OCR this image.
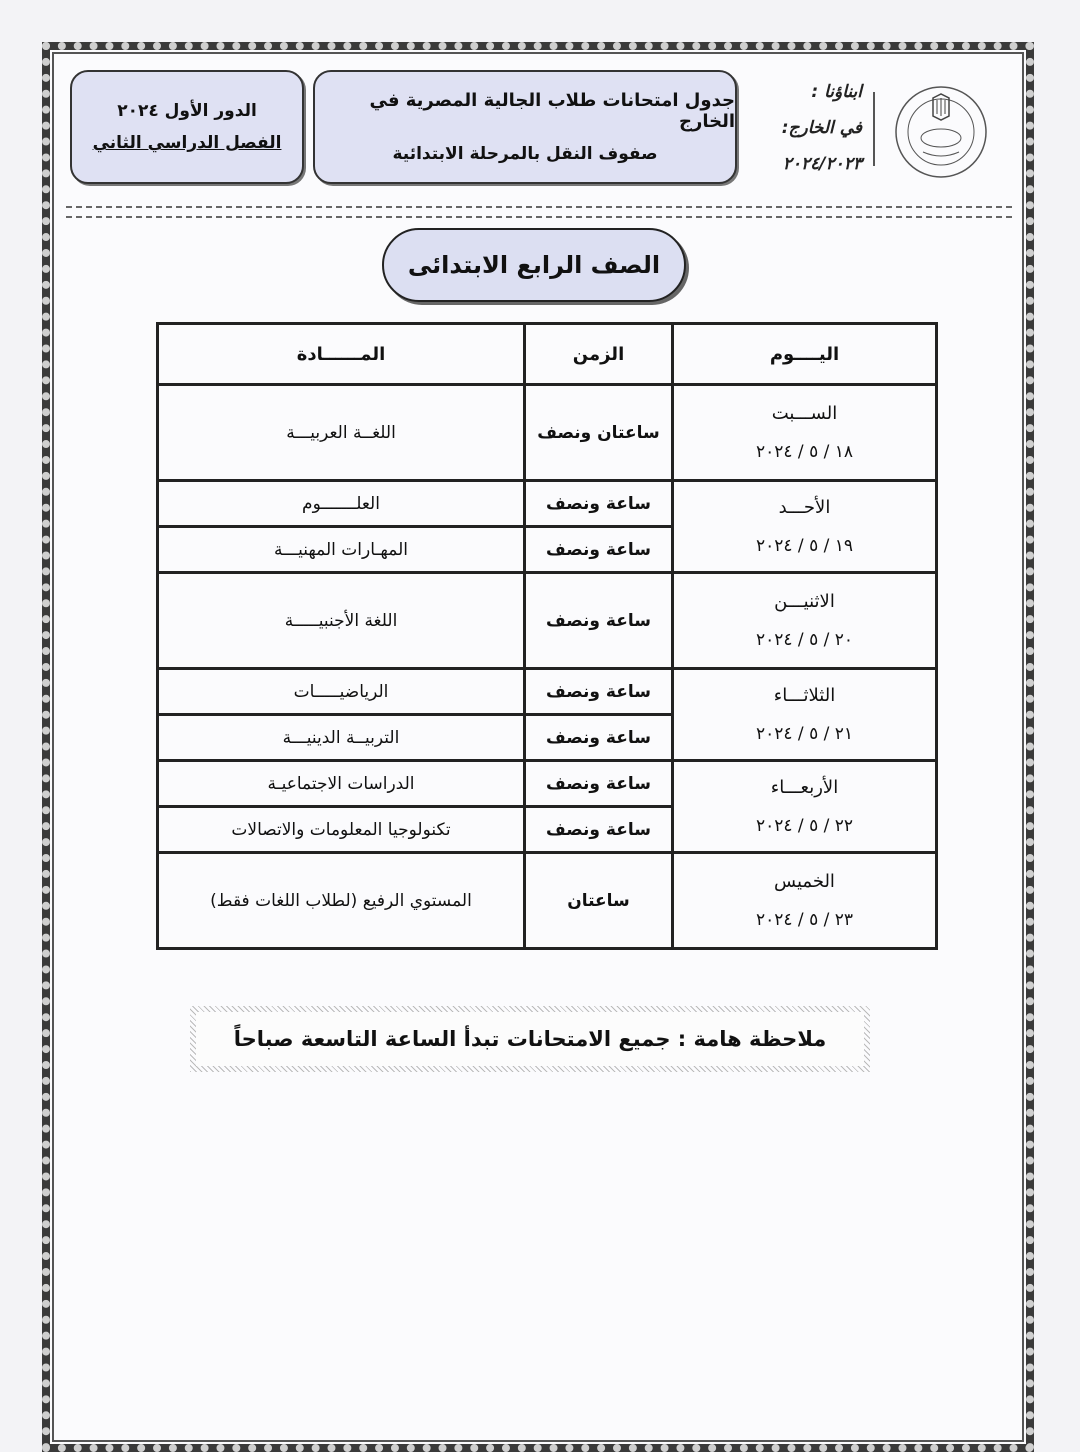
الدور الأول ٢٠٢٤
الفصل الدراسي الثاني
جدول امتحانات طلاب الجالية المصرية في الخارج
صفوف النقل بالمرحلة الابتدائية
ابناؤنا :
في الخارج:
٢٠٢٤/٢٠٢٣
الصف الرابع الابتدائى
اليــــوم	الزمن	المــــــادة

الســـبت
١٨ / ٥ / ٢٠٢٤	ساعتان ونصف	اللغــة العربيـــة

الأحـــد
١٩ / ٥ / ٢٠٢٤	ساعة ونصف	العلـــــــوم
	ساعة ونصف	المهـارات المهنيـــة

الاثنيـــن
٢٠ / ٥ / ٢٠٢٤	ساعة ونصف	اللغة الأجنبيـــــة

الثلاثـــاء
٢١ / ٥ / ٢٠٢٤	ساعة ونصف	الرياضيـــــات
	ساعة ونصف	التربيــة الدينيـــة

الأربعـــاء
٢٢ / ٥ / ٢٠٢٤	ساعة ونصف	الدراسات الاجتماعيـة
	ساعة ونصف	تكنولوجيا المعلومات والاتصالات

الخميس
٢٣ / ٥ / ٢٠٢٤	ساعتان	المستوي الرفيع (لطلاب اللغات فقط)
ملاحظة هامة : جميع الامتحانات تبدأ الساعة التاسعة صباحاً
